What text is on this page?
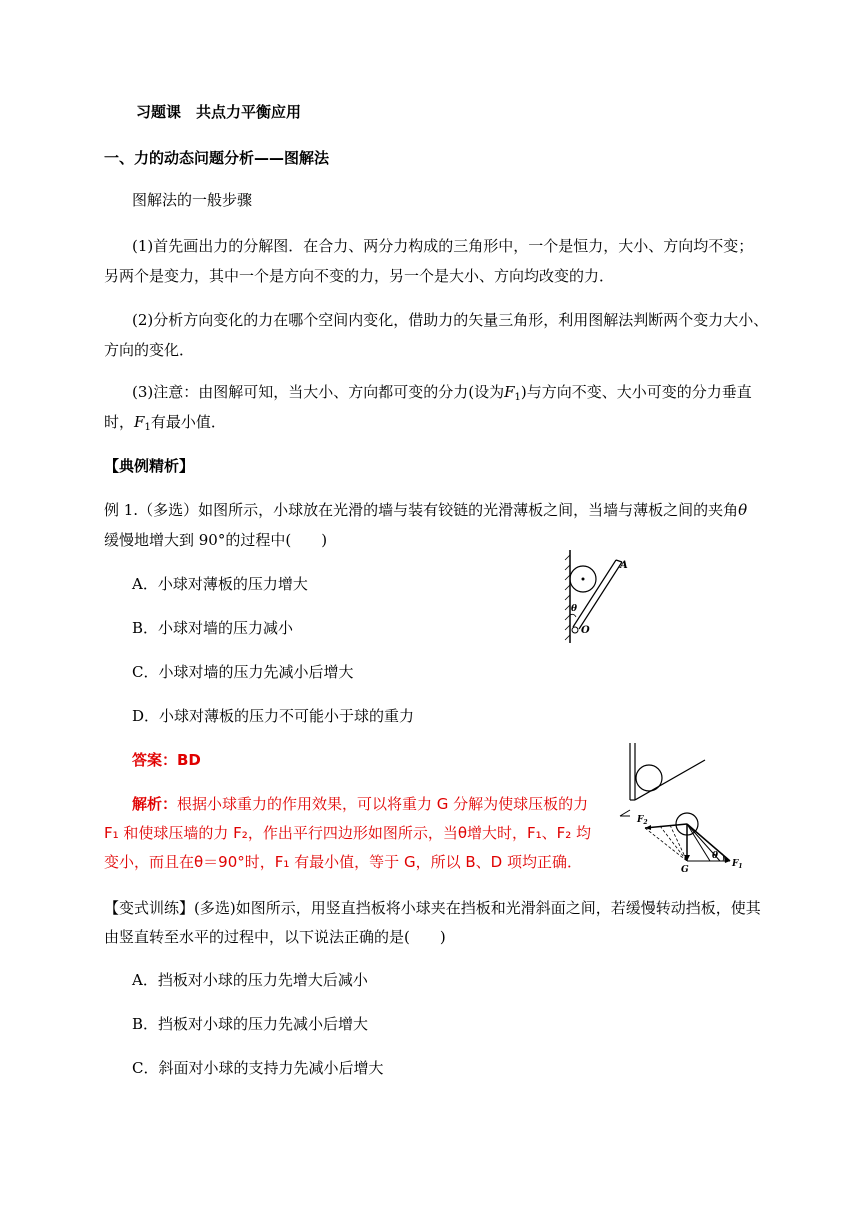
习题课　共点力平衡应用
一、力的动态问题分析——图解法
图解法的一般步骤
(1)首先画出力的分解图．在合力、两分力构成的三角形中，一个是恒力，大小、方向均不变；
另两个是变力，其中一个是方向不变的力，另一个是大小、方向均改变的力．
(2)分析方向变化的力在哪个空间内变化，借助力的矢量三角形，利用图解法判断两个变力大小、
方向的变化．
(3)注意：由图解可知，当大小、方向都可变的分力(设为$F_1$)与方向不变、大小可变的分力垂直
时，$F_1$有最小值．
【典例精析】
例 1.（多选）如图所示，小球放在光滑的墙与装有铰链的光滑薄板之间，当墙与薄板之间的夹角θ
缓慢地增大到 90°的过程中(　　)
A．小球对薄板的压力增大
B．小球对墙的压力减小
C．小球对墙的压力先减小后增大
D．小球对薄板的压力不可能小于球的重力
A
θ
O
答案：BD
解析：根据小球重力的作用效果，可以将重力 G 分解为使球压板的力
F₁ 和使球压墙的力 F₂，作出平行四边形如图所示，当θ增大时，F₁、F₂ 均
变小，而且在θ＝90°时，F₁ 有最小值，等于 G，所以 B、D 项均正确．
$F_2$
G
θ
$F_1$
【变式训练】(多选)如图所示，用竖直挡板将小球夹在挡板和光滑斜面之间，若缓慢转动挡板，使其
由竖直转至水平的过程中，以下说法正确的是(　　)
A．挡板对小球的压力先增大后减小
B．挡板对小球的压力先减小后增大
C．斜面对小球的支持力先减小后增大
